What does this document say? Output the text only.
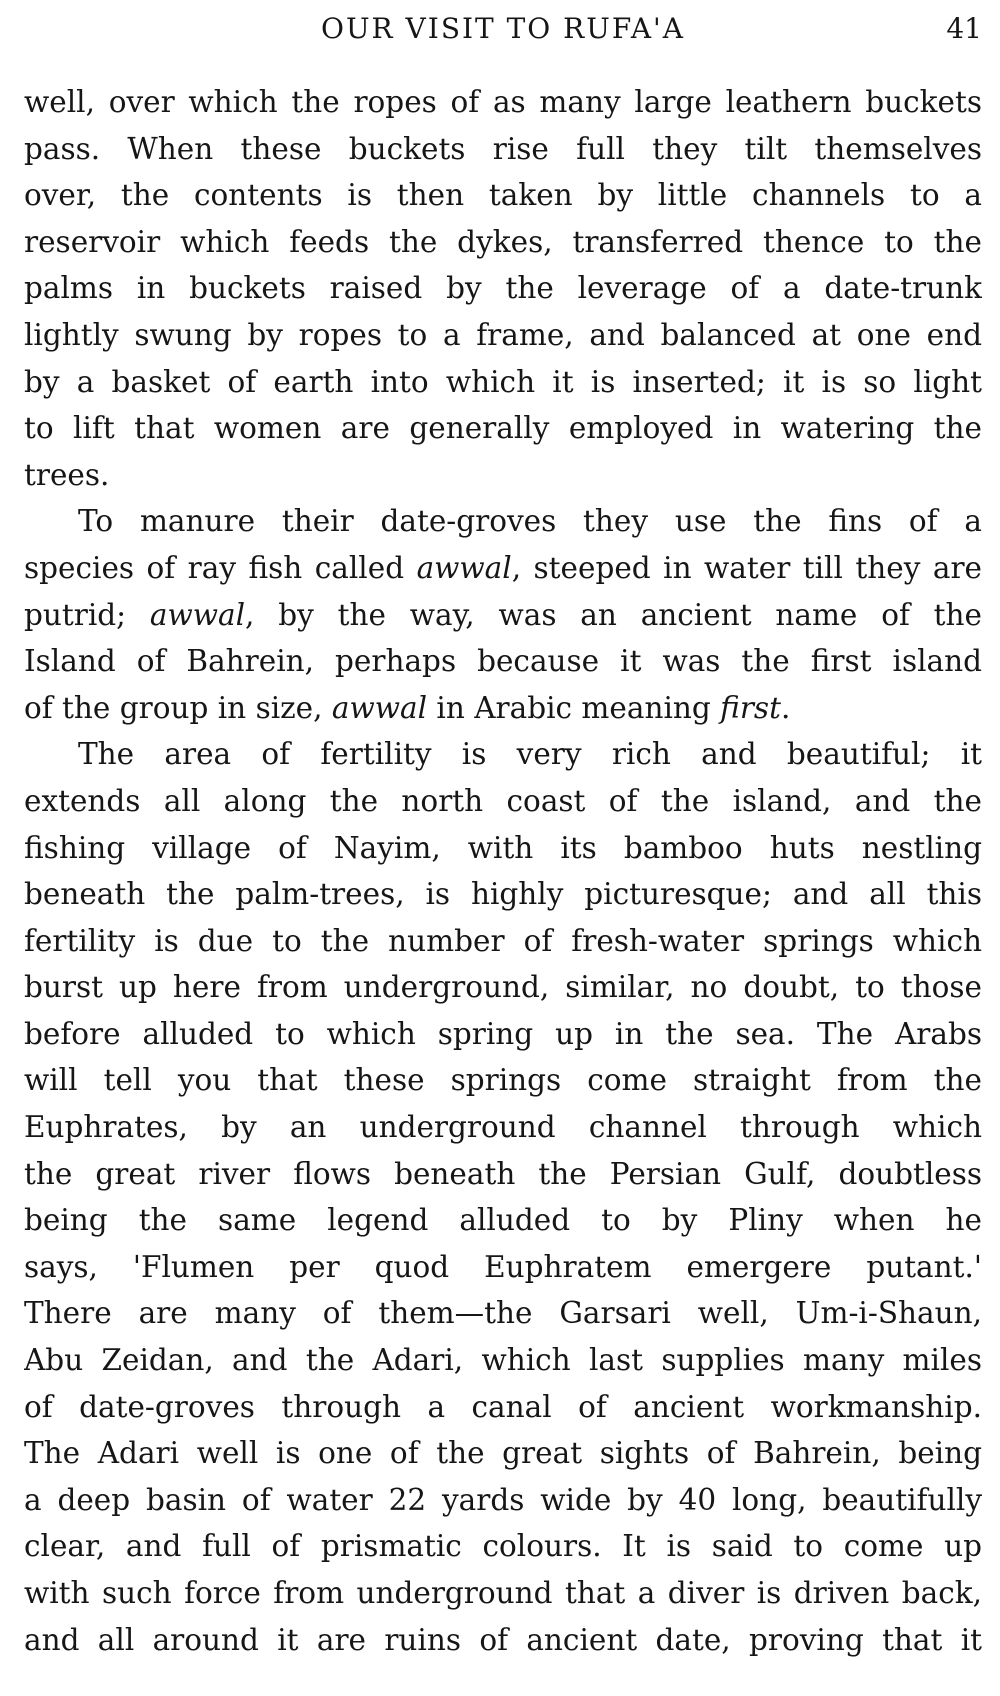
OUR VISIT TO RUFA'A	41
well, over which the ropes of as many large leathern buckets
pass. When these buckets rise full they tilt themselves
over, the contents is then taken by little channels to a
reservoir which feeds the dykes, transferred thence to the
palms in buckets raised by the leverage of a date-trunk
lightly swung by ropes to a frame, and balanced at one end
by a basket of earth into which it is inserted; it is so light
to lift that women are generally employed in watering the
trees.
To manure their date-groves they use the fins of a
species of ray fish called awwal, steeped in water till they are
putrid; awwal, by the way, was an ancient name of the
Island of Bahrein, perhaps because it was the first island
of the group in size, awwal in Arabic meaning first.
The area of fertility is very rich and beautiful; it
extends all along the north coast of the island, and the
fishing village of Nayim, with its bamboo huts nestling
beneath the palm-trees, is highly picturesque; and all this
fertility is due to the number of fresh-water springs which
burst up here from underground, similar, no doubt, to those
before alluded to which spring up in the sea. The Arabs
will tell you that these springs come straight from the
Euphrates, by an underground channel through which
the great river flows beneath the Persian Gulf, doubtless
being the same legend alluded to by Pliny when he
says, 'Flumen per quod Euphratem emergere putant.'
There are many of them—the Garsari well, Um-i-Shaun,
Abu Zeidan, and the Adari, which last supplies many miles
of date-groves through a canal of ancient workmanship.
The Adari well is one of the great sights of Bahrein, being
a deep basin of water 22 yards wide by 40 long, beautifully
clear, and full of prismatic colours. It is said to come up
with such force from underground that a diver is driven back,
and all around it are ruins of ancient date, proving that it
